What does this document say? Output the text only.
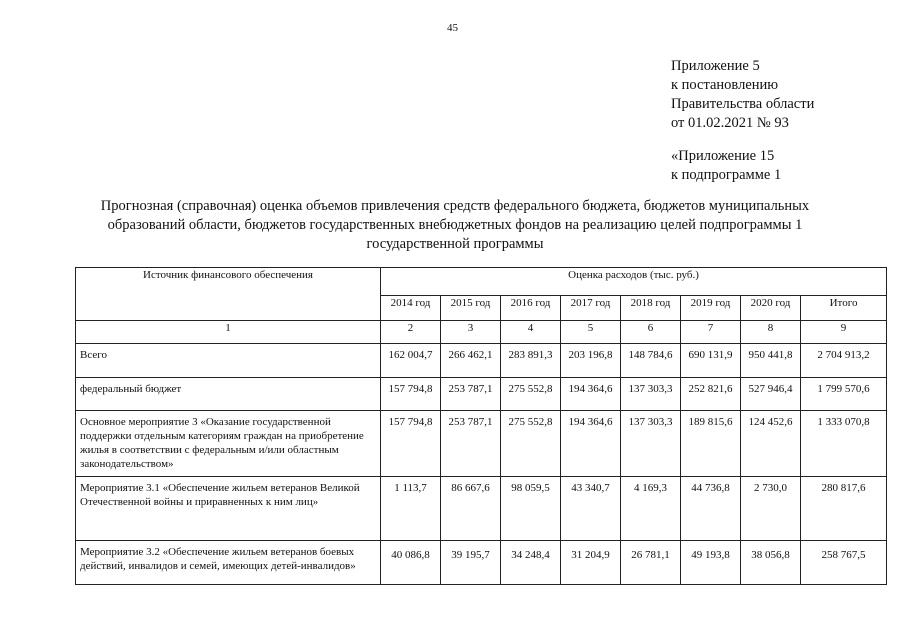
45
Приложение 5
к постановлению
Правительства области
от 01.02.2021 № 93
«Приложение 15
к подпрограмме 1
Прогнозная (справочная) оценка объемов привлечения средств федерального бюджета, бюджетов муниципальных
образований области, бюджетов государственных внебюджетных фондов на реализацию целей подпрограммы 1
государственной программы
Источник финансового обеспечения	Оценка расходов (тыс. руб.)							
	2014 год	2015 год	2016 год	2017 год	2018 год	2019 год	2020 год	Итого
1	2	3	4	5	6	7	8	9
Всего	162 004,7	266 462,1	283 891,3	203 196,8	148 784,6	690 131,9	950 441,8	2 704 913,2
федеральный бюджет	157 794,8	253 787,1	275 552,8	194 364,6	137 303,3	252 821,6	527 946,4	1 799 570,6
Основное мероприятие 3 «Оказание государственной поддержки отдельным категориям граждан на приобретение жилья в соответствии с федеральным и/или областным законодательством»	157 794,8	253 787,1	275 552,8	194 364,6	137 303,3	189 815,6	124 452,6	1 333 070,8
Мероприятие 3.1 «Обеспечение жильем ветеранов Великой Отечественной войны и приравненных к ним лиц»	1 113,7	86 667,6	98 059,5	43 340,7	4 169,3	44 736,8	2 730,0	280 817,6
Мероприятие 3.2 «Обеспечение жильем ветеранов боевых действий, инвалидов и семей, имеющих детей-инвалидов»	40 086,8	39 195,7	34 248,4	31 204,9	26 781,1	49 193,8	38 056,8	258 767,5
